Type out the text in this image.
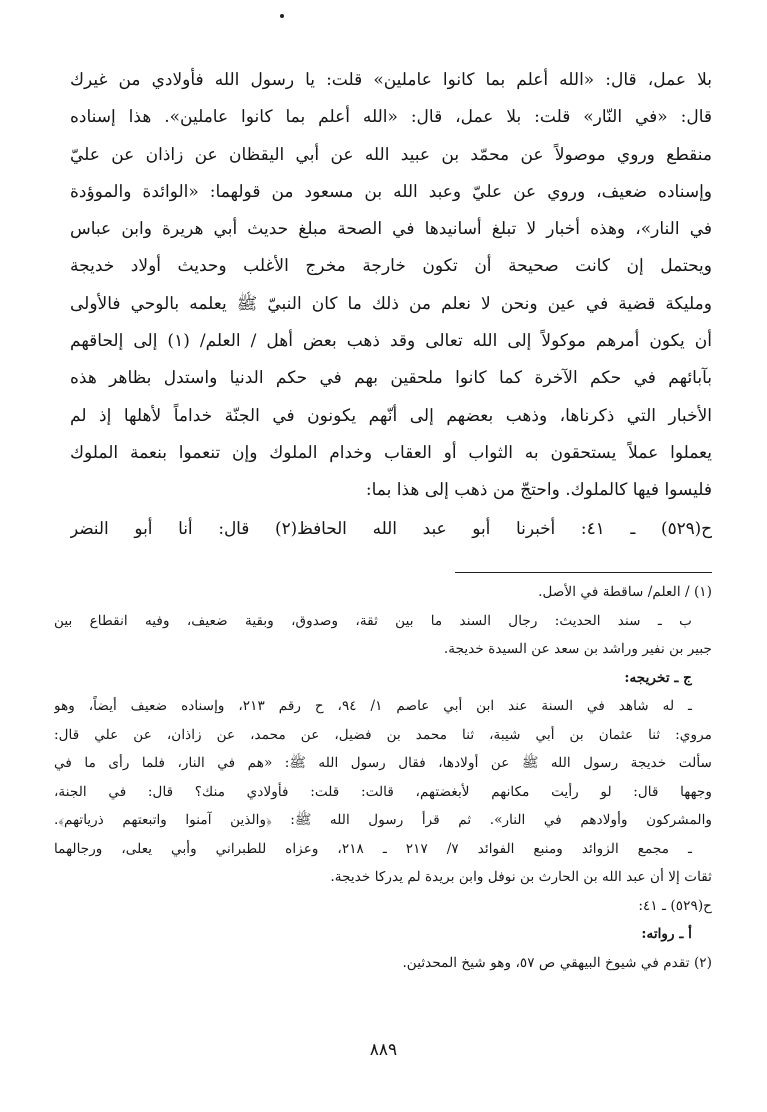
بلا عمل، قال: «الله أعلم بما كانوا عاملين» قلت: يا رسول الله فأولادي من غيرك
قال: «في النّار» قلت: بلا عمل، قال: «الله أعلم بما كانوا عاملين». هذا إسناده
منقطع وروي موصولاً عن محمّد بن عبيد الله عن أبي اليقظان عن زاذان عن عليّ
وإسناده ضعيف، وروي عن عليّ وعبد الله بن مسعود من قولهما: «الوائدة والموؤدة
في النار»، وهذه أخبار لا تبلغ أسانيدها في الصحة مبلغ حديث أبي هريرة وابن عباس
ويحتمل إن كانت صحيحة أن تكون خارجة مخرج الأغلب وحديث أولاد خديجة
ومليكة قضية في عين ونحن لا نعلم من ذلك ما كان النبيّ ﷺ يعلمه بالوحي فالأولى
أن يكون أمرهم موكولاً إلى الله تعالى وقد ذهب بعض أهل / العلم/ (١) إلى إلحاقهم
بآبائهم في حكم الآخرة كما كانوا ملحقين بهم في حكم الدنيا واستدل بظاهر هذه
الأخبار التي ذكرناها، وذهب بعضهم إلى أنّهم يكونون في الجنّة خداماً لأهلها إذ لم
يعملوا عملاً يستحقون به الثواب أو العقاب وخدام الملوك وإن تنعموا بنعمة الملوك
فليسوا فيها كالملوك. واحتجّ من ذهب إلى هذا بما:
ح(٥٢٩) ـ ٤١: أخبرنا أبو عبد الله الحافظ(٢) قال: أنا أبو النضر
(١) / العلم/ ساقطة في الأصل.
ب ـ سند الحديث: رجال السند ما بين ثقة، وصدوق، وبقية ضعيف، وفيه انقطاع بين
جبير بن نفير وراشد بن سعد عن السيدة خديجة.
ج ـ تخريجه:
ـ له شاهد في السنة عند ابن أبي عاصم ١/ ٩٤، ح رقم ٢١٣، وإسناده ضعيف أيضاً، وهو
مروي: ثنا عثمان بن أبي شيبة، ثنا محمد بن فضيل، عن محمد، عن زاذان، عن علي قال:
سألت خديجة رسول الله ﷺ عن أولادها، فقال رسول الله ﷺ: «هم في النار، فلما رأى ما في
وجهها قال: لو رأيت مكانهم لأبغضتهم، قالت: قلت: فأولادي منك؟ قال: في الجنة،
والمشركون وأولادهم في النار». ثم قرأ رسول الله ﷺ: ﴿والذين آمنوا واتبعتهم ذرياتهم﴾.
ـ مجمع الزوائد ومنبع الفوائد ٧/ ٢١٧ ـ ٢١٨، وعزاه للطبراني وأبي يعلى، ورجالهما
ثقات إلا أن عبد الله بن الحارث بن نوفل وابن بريدة لم يدركا خديجة.
ح(٥٢٩) ـ ٤١:
أ ـ رواته:
(٢) تقدم في شيوخ البيهقي ص ٥٧، وهو شيخ المحدثين.
٨٨٩
